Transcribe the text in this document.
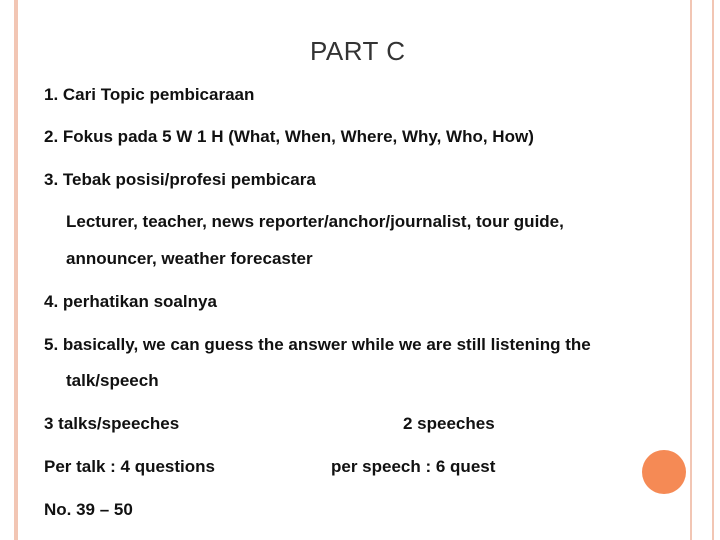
PART C
1. Cari Topic pembicaraan
2. Fokus pada 5 W 1 H (What, When, Where, Why, Who, How)
3. Tebak posisi/profesi pembicara
Lecturer, teacher, news reporter/anchor/journalist, tour guide,
announcer, weather forecaster
4. perhatikan soalnya
5. basically, we can guess the answer while we are still listening the
talk/speech
3 talks/speeches	2 speeches
Per talk : 4 questions	per speech : 6 quest
No. 39 – 50
